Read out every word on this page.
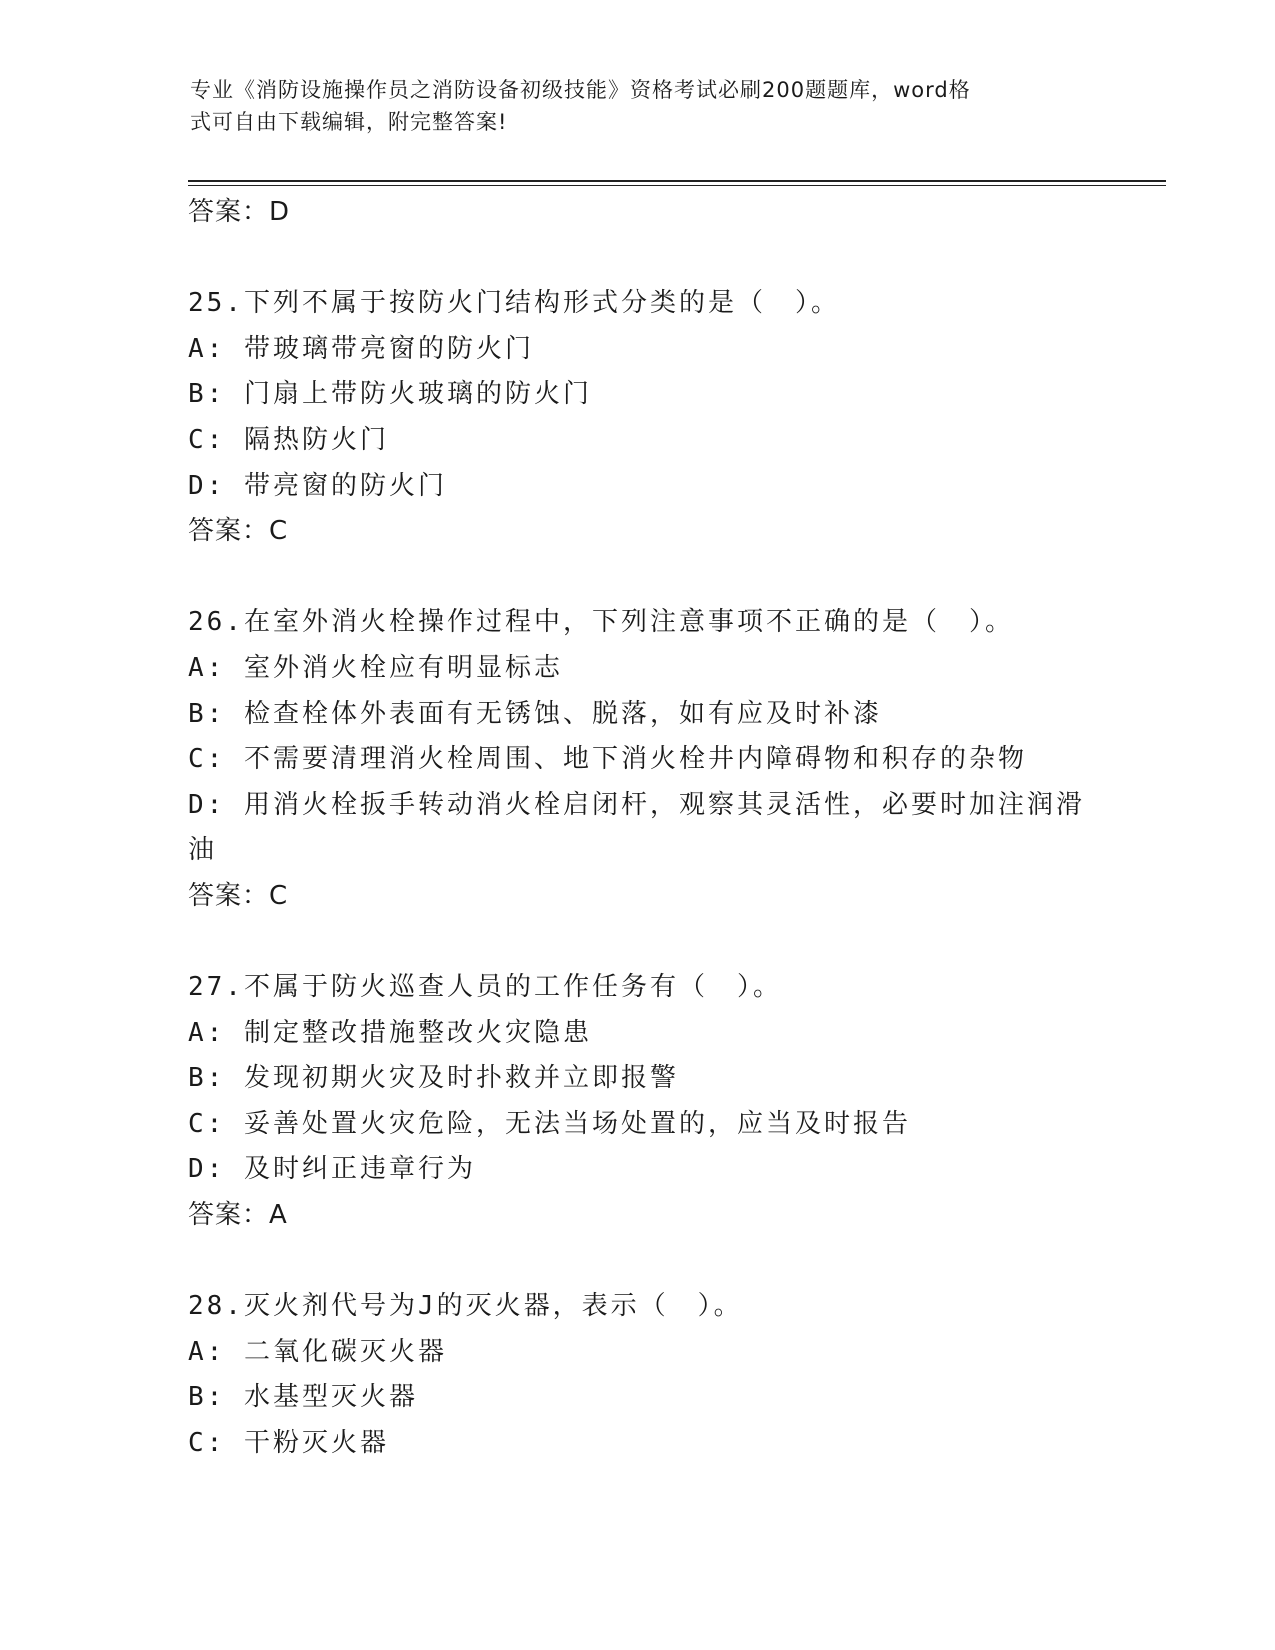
专业《消防设施操作员之消防设备初级技能》资格考试必刷200题题库，word格
式可自由下载编辑，附完整答案!
答案：D
25.下列不属于按防火门结构形式分类的是（　）。
A: 带玻璃带亮窗的防火门
B: 门扇上带防火玻璃的防火门
C: 隔热防火门
D: 带亮窗的防火门
答案：C
26.在室外消火栓操作过程中，下列注意事项不正确的是（　）。
A: 室外消火栓应有明显标志
B: 检查栓体外表面有无锈蚀、脱落，如有应及时补漆
C: 不需要清理消火栓周围、地下消火栓井内障碍物和积存的杂物
D: 用消火栓扳手转动消火栓启闭杆，观察其灵活性，必要时加注润滑
油
答案：C
27.不属于防火巡查人员的工作任务有（　）。
A: 制定整改措施整改火灾隐患
B: 发现初期火灾及时扑救并立即报警
C: 妥善处置火灾危险，无法当场处置的，应当及时报告
D: 及时纠正违章行为
答案：A
28.灭火剂代号为J的灭火器，表示（　）。
A: 二氧化碳灭火器
B: 水基型灭火器
C: 干粉灭火器
